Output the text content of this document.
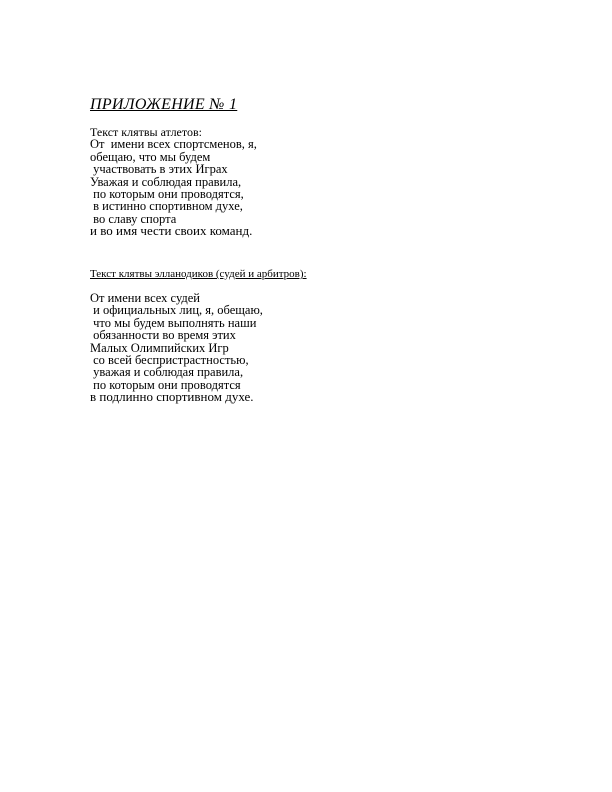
ПРИЛОЖЕНИЕ № 1
Текст клятвы атлетов:
От  имени всех спортсменов, я,
обещаю, что мы будем
участвовать в этих Играх
Уважая и соблюдая правила,
по которым они проводятся,
в истинно спортивном духе,
во славу спорта
и во имя чести своих команд.
Текст клятвы элланодиков (судей и арбитров):
От имени всех судей
и официальных лиц, я, обещаю,
что мы будем выполнять наши
обязанности во время этих
Малых Олимпийских Игр
со всей беспристрастностью,
уважая и соблюдая правила,
по которым они проводятся
в подлинно спортивном духе.
